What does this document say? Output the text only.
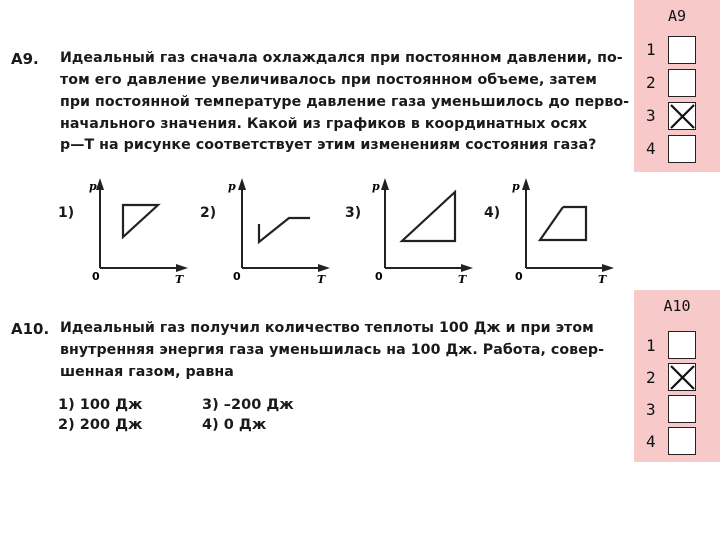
A9. Идеальный газ сначала охлаждался при постоянном давлении, по-
том его давление увеличивалось при постоянном объеме, затем
при постоянной температуре давление газа уменьшилось до перво-
начального значения. Какой из графиков в координатных осях
p—T на рисунке соответствует этим изменениям состояния газа?
1)
p
T
0
2)
p
T
0
3)
p
T
0
4)
p
T
0
A10. Идеальный газ получил количество теплоты 100 Дж и при этом
внутренняя энергия газа уменьшилась на 100 Дж. Работа, совер-
шенная газом, равна
1) 100 Дж
2) 200 Дж
3) –200 Дж
4) 0 Дж
A9
1
2
3
4
A10
1
2
3
4
